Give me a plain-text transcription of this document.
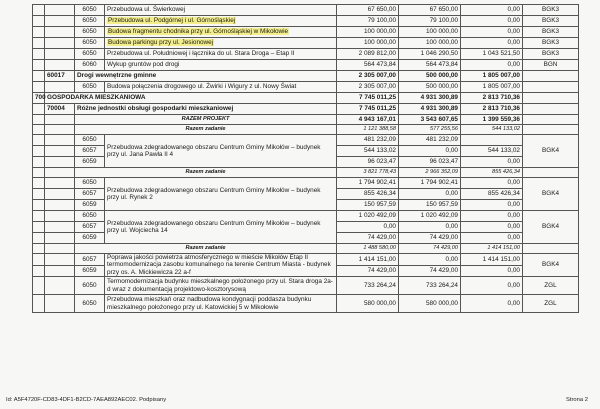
		6050	Przebudowa ul. Świerkowej	67 650,00	67 650,00	0,00	BGK3
		6050	Przebudowa ul. Podgórnej i ul. Górnośląskiej	79 100,00	79 100,00	0,00	BGK3
		6050	Budowa fragmentu chodnika przy ul. Górnośląskiej w Mikołowie	100 000,00	100 000,00	0,00	BGK3
		6050	Budowa parkingu przy ul. Jesionowej	100 000,00	100 000,00	0,00	BGK3
		6050	Przebudowa ul. Południowej i łącznika do ul. Stara Droga – Etap II	2 089 812,00	1 046 290,50	1 043 521,50	BGK3
		6060	Wykup gruntów pod drogi	564 473,84	564 473,84	0,00	BGN
	60017	Drogi wewnętrzne gminne		2 305 007,00	500 000,00	1 805 007,00	
		6050	Budowa połączenia drogowego ul. Żwirki i Wigury z ul. Nowy Świat	2 305 007,00	500 000,00	1 805 007,00	
700	GOSPODARKA MIESZKANIOWA			7 745 011,25	4 931 300,89	2 813 710,36	
	70004	Różne jednostki obsługi gospodarki mieszkaniowej		7 745 011,25	4 931 300,89	2 813 710,36	
		RAZEM PROJEKT		4 943 167,01	3 543 607,65	1 399 559,36	
		Razem zadanie		1 121 388,58	577 255,56	544 133,02	
		6050	Przebudowa zdegradowanego obszaru Centrum Gminy Mikołów – budynek przy ul. Jana Pawła II 4	481 232,09	481 232,09		BGK4
		6057		544 133,02	0,00	544 133,02	
		6059		96 023,47	96 023,47	0,00	
		Razem zadanie		3 821 778,43	2 966 352,09	855 426,34	
		6050	Przebudowa zdegradowanego obszaru Centrum Gminy Mikołów – budynek przy ul. Rynek 2	1 794 902,41	1 794 902,41	0,00	BGK4
		6057		855 426,34	0,00	855 426,34	
		6059		150 957,59	150 957,59	0,00	
		6050	Przebudowa zdegradowanego obszaru Centrum Gminy Mikołów – budynek przy ul. Wojciecha 14	1 020 492,09	1 020 492,09	0,00	BGK4
		6057		0,00	0,00	0,00	
		6059		74 429,00	74 429,00	0,00	
		Razem zadanie		1 488 580,00	74 429,00	1 414 151,00	
		6057	Poprawa jakości powietrza atmosferycznego w mieście Mikołów Etap II termomodernizacja zasobu komunalnego na terenie Centrum Miasta - budynek przy os. A. Mickiewicza 22 a-f	1 414 151,00	0,00	1 414 151,00	BGK4
		6059		74 429,00	74 429,00	0,00	
		6050	Termomodernizacja budynku mieszkalnego położonego przy ul. Stara droga 2a-d wraz z dokumentacją projektowo-kosztorysową	733 264,24	733 264,24	0,00	ZGL
		6050	Przebudowa mieszkań oraz nadbudowa kondygnacji poddasza budynku mieszkalnego położonego przy ul. Katowickiej 5 w Mikołowie	580 000,00	580 000,00	0,00	ZGL
Id: A5F4720F-CD83-4DF1-B2CD-7AEA892AEC02. Podpisany	Strona 2
